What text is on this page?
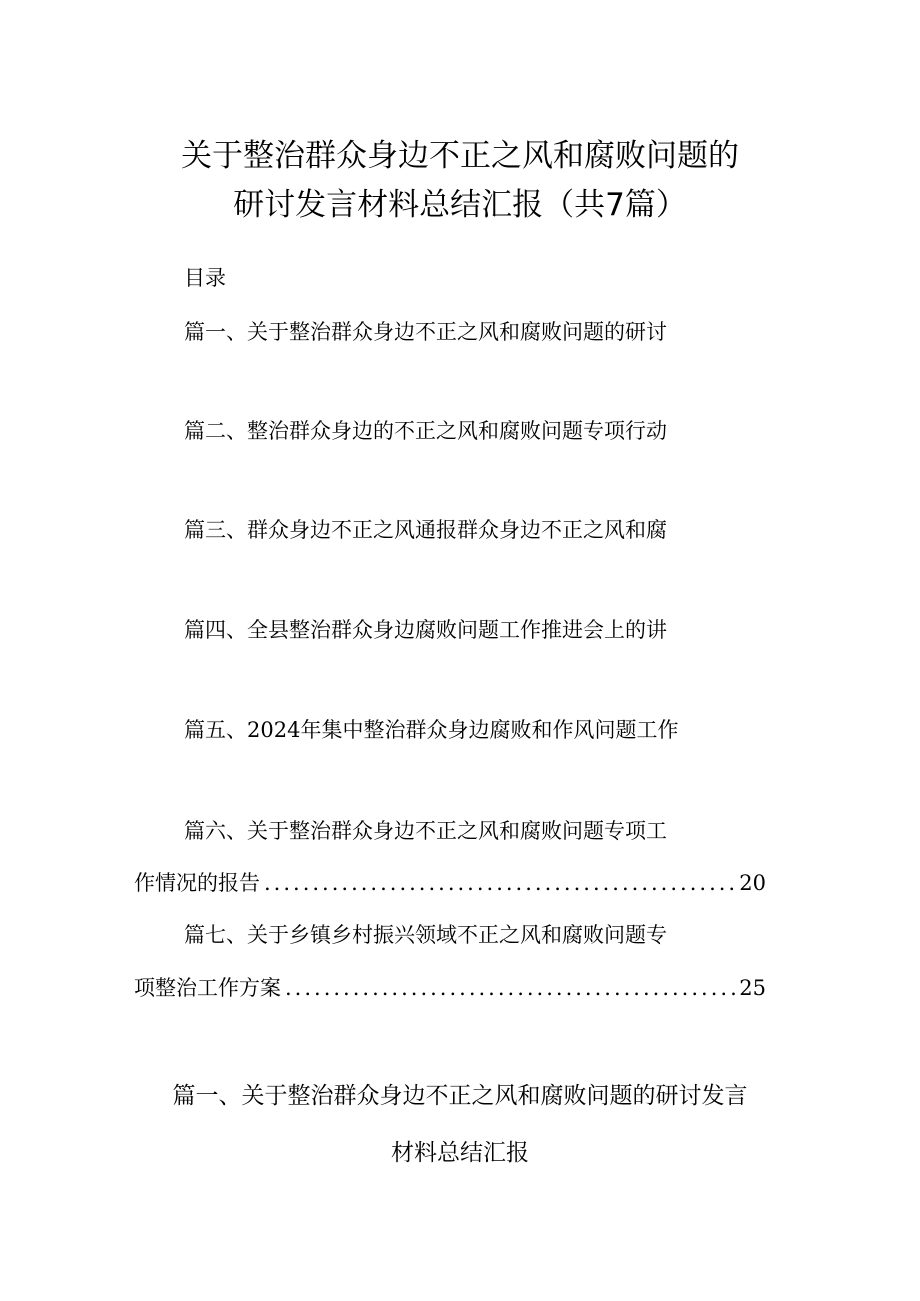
关于整治群众身边不正之风和腐败问题的
研讨发言材料总结汇报（共7篇）
目录
篇一、关于整治群众身边不正之风和腐败问题的研讨
篇二、整治群众身边的不正之风和腐败问题专项行动
篇三、群众身边不正之风通报群众身边不正之风和腐
篇四、全县整治群众身边腐败问题工作推进会上的讲
篇五、2024年集中整治群众身边腐败和作风问题工作
篇六、关于整治群众身边不正之风和腐败问题专项工
作情况的报告 .....	20
篇七、关于乡镇乡村振兴领域不正之风和腐败问题专
项整治工作方案 .....	25
篇一、关于整治群众身边不正之风和腐败问题的研讨发言
材料总结汇报
